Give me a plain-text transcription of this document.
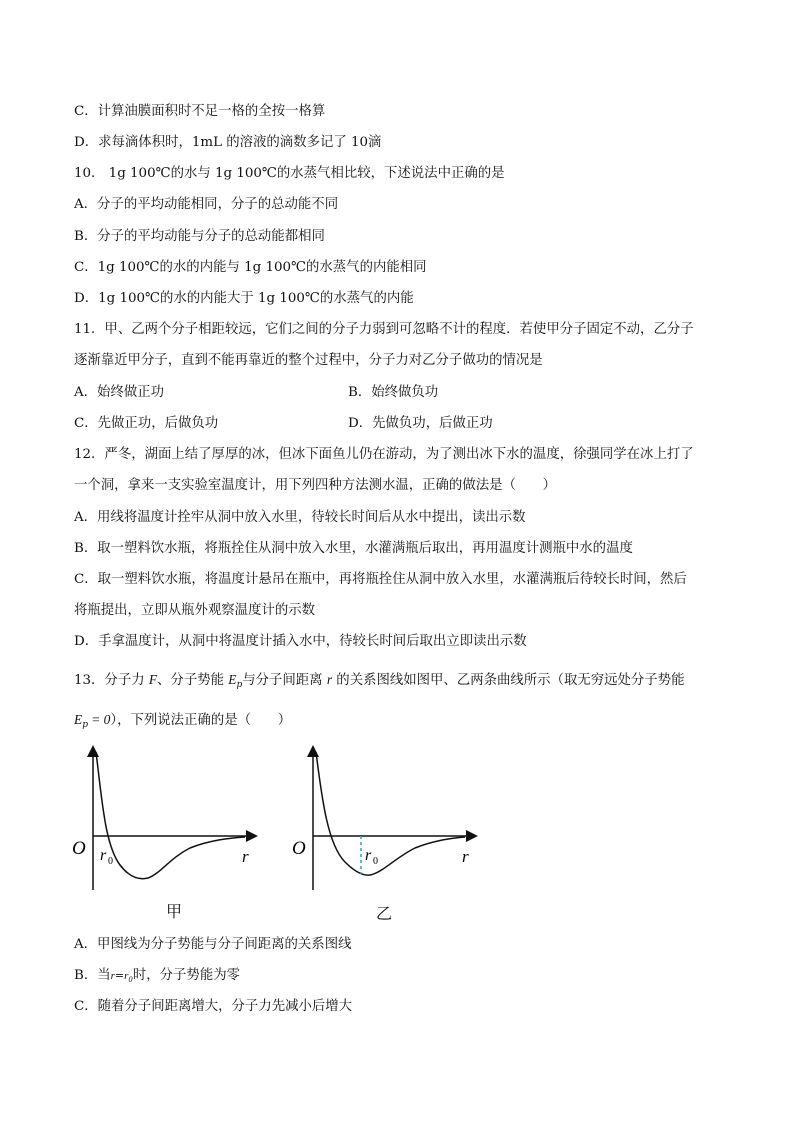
C．计算油膜面积时不足一格的全按一格算
D．求每滴体积时，1mL 的溶液的滴数多记了 10滴
10． 1g 100℃的水与 1g 100℃的水蒸气相比较，下述说法中正确的是
A．分子的平均动能相同，分子的总动能不同
B．分子的平均动能与分子的总动能都相同
C．1g 100℃的水的内能与 1g 100℃的水蒸气的内能相同
D．1g 100℃的水的内能大于 1g 100℃的水蒸气的内能
11．甲、乙两个分子相距较远，它们之间的分子力弱到可忽略不计的程度．若使甲分子固定不动，乙分子
逐渐靠近甲分子，直到不能再靠近的整个过程中，分子力对乙分子做功的情况是
A．始终做正功	B．始终做负功
C．先做正功，后做负功	D．先做负功，后做正功
12．严冬，湖面上结了厚厚的冰，但冰下面鱼儿仍在游动，为了测出冰下水的温度，徐强同学在冰上打了
一个洞，拿来一支实验室温度计，用下列四种方法测水温，正确的做法是（　　）
A．用线将温度计拴牢从洞中放入水里，待较长时间后从水中提出，读出示数
B．取一塑料饮水瓶，将瓶拴住从洞中放入水里，水灌满瓶后取出，再用温度计测瓶中水的温度
C．取一塑料饮水瓶，将温度计悬吊在瓶中，再将瓶拴住从洞中放入水里，水灌满瓶后待较长时间，然后
将瓶提出，立即从瓶外观察温度计的示数
D．手拿温度计，从洞中将温度计插入水中，待较长时间后取出立即读出示数
13．分子力 F、分子势能 $E_p$与分子间距离 r 的关系图线如图甲、乙两条曲线所示（取无穷远处分子势能
$E_p = 0$），下列说法正确的是（　　）
O r 0	r O	r 0	r
甲	乙
A．甲图线为分子势能与分子间距离的关系图线
B．当$r=r_0$时，分子势能为零
C．随着分子间距离增大，分子力先减小后增大
